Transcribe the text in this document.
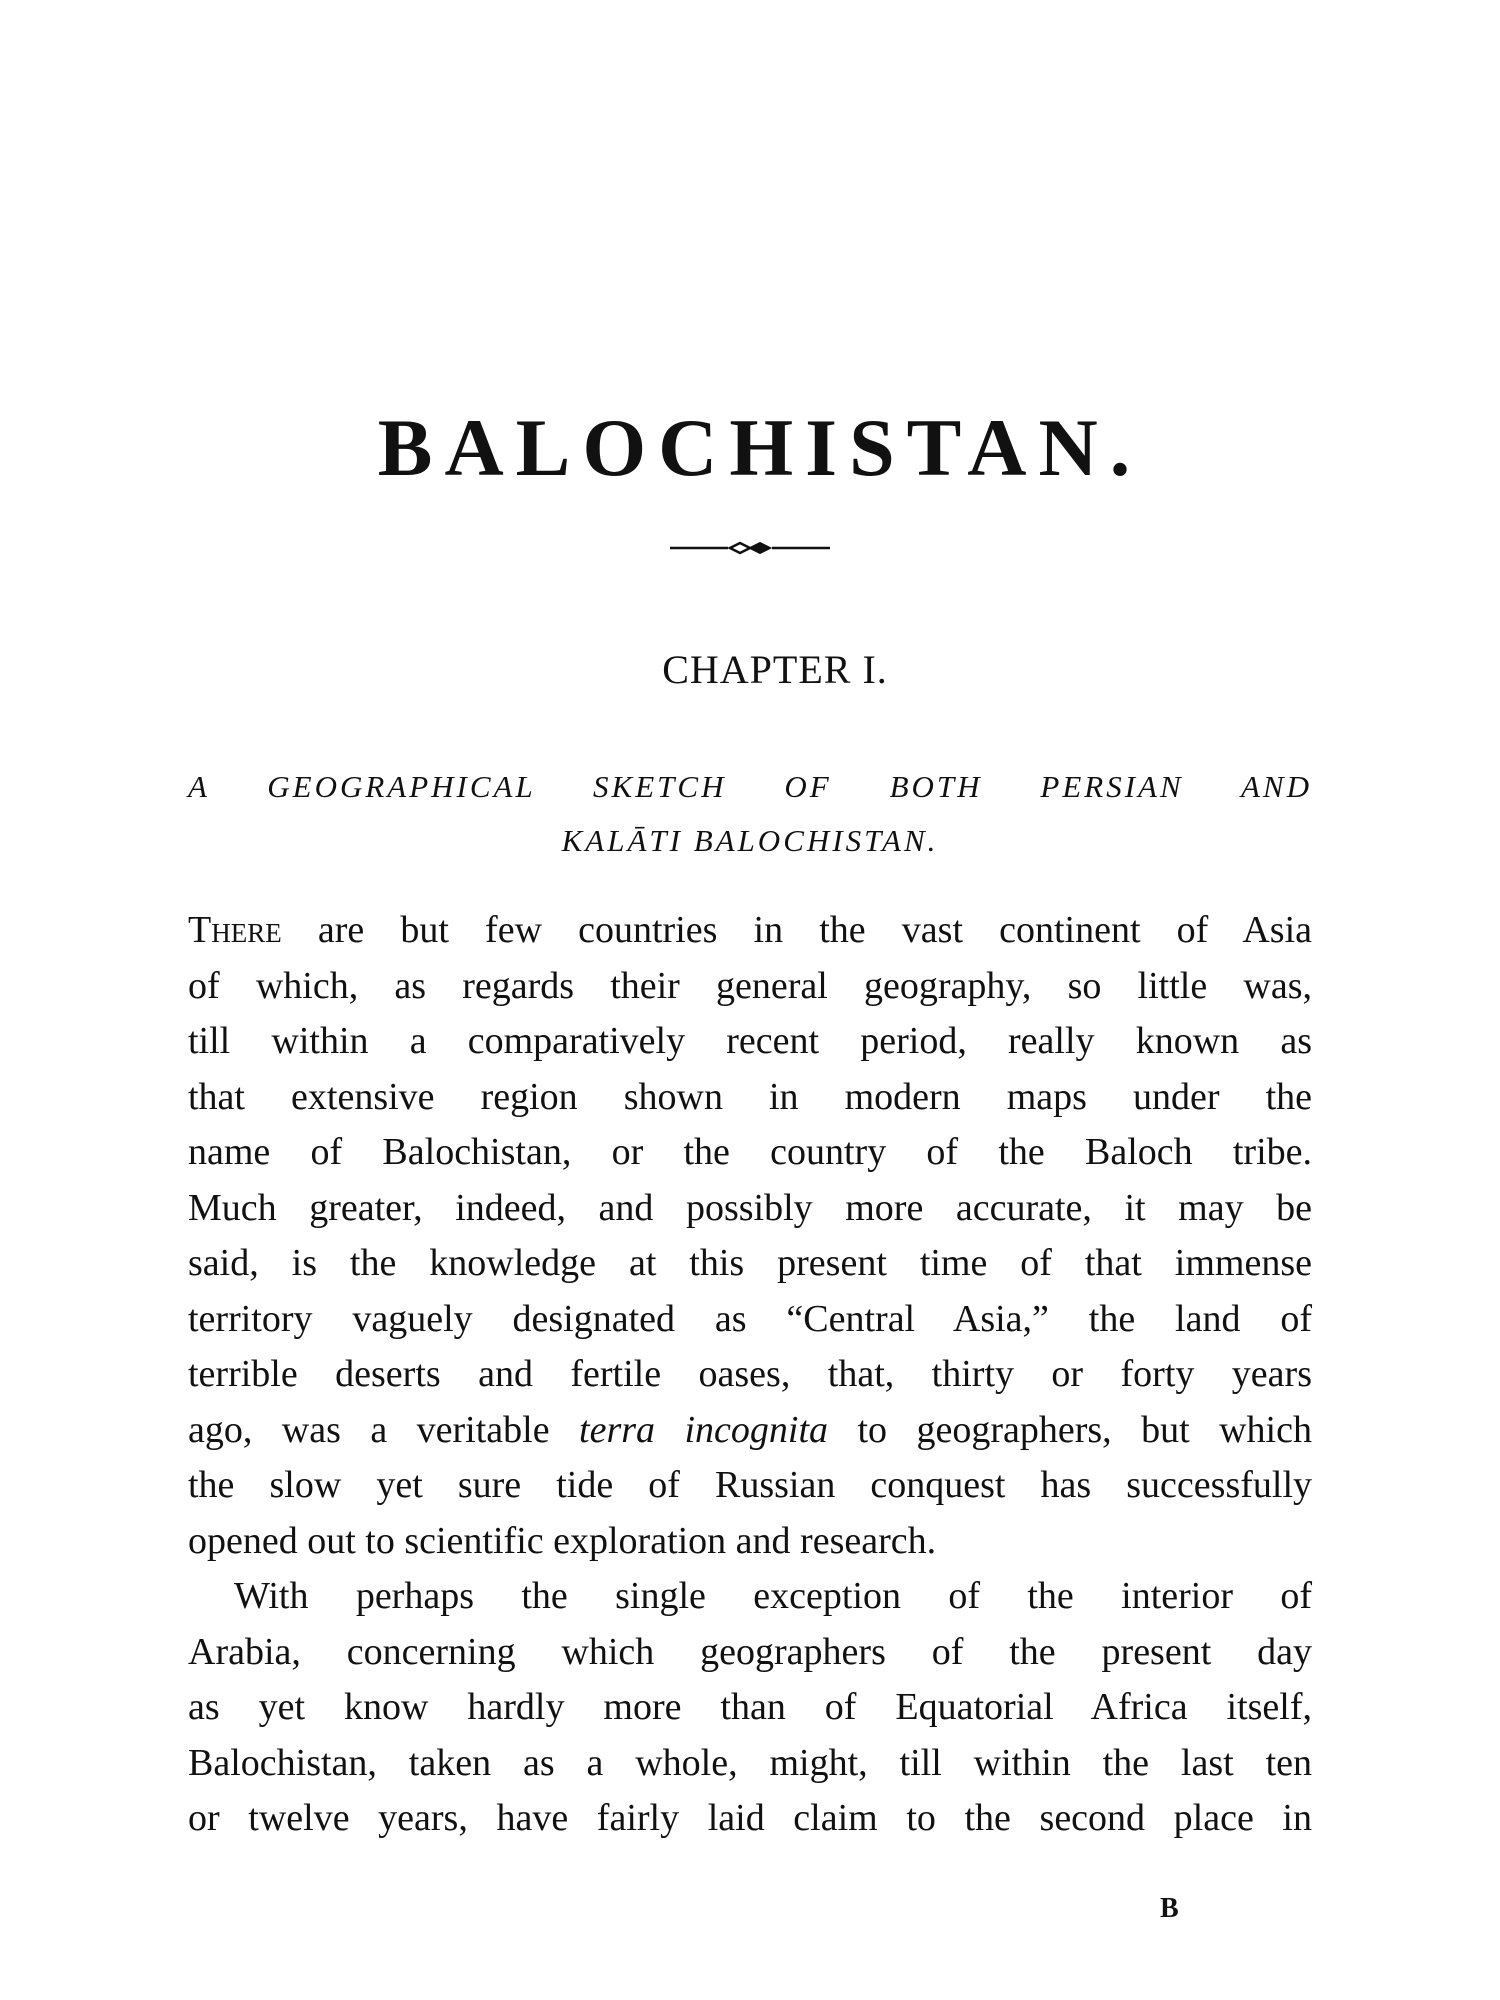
BALOCHISTAN.
CHAPTER I.
A GEOGRAPHICAL SKETCH OF BOTH PERSIAN AND
KALĀTI BALOCHISTAN.

There are but few countries in the vast continent of Asia
of which, as regards their general geography, so little was,
till within a comparatively recent period, really known as
that extensive region shown in modern maps under the
name of Balochistan, or the country of the Baloch tribe.
Much greater, indeed, and possibly more accurate, it may be
said, is the knowledge at this present time of that immense
territory vaguely designated as “Central Asia,” the land of
terrible deserts and fertile oases, that, thirty or forty years
ago, was a veritable terra incognita to geographers, but which
the slow yet sure tide of Russian conquest has successfully
opened out to scientific exploration and research.

With perhaps the single exception of the interior of
Arabia, concerning which geographers of the present day
as yet know hardly more than of Equatorial Africa itself,
Balochistan, taken as a whole, might, till within the last ten
or twelve years, have fairly laid claim to the second place in

B
